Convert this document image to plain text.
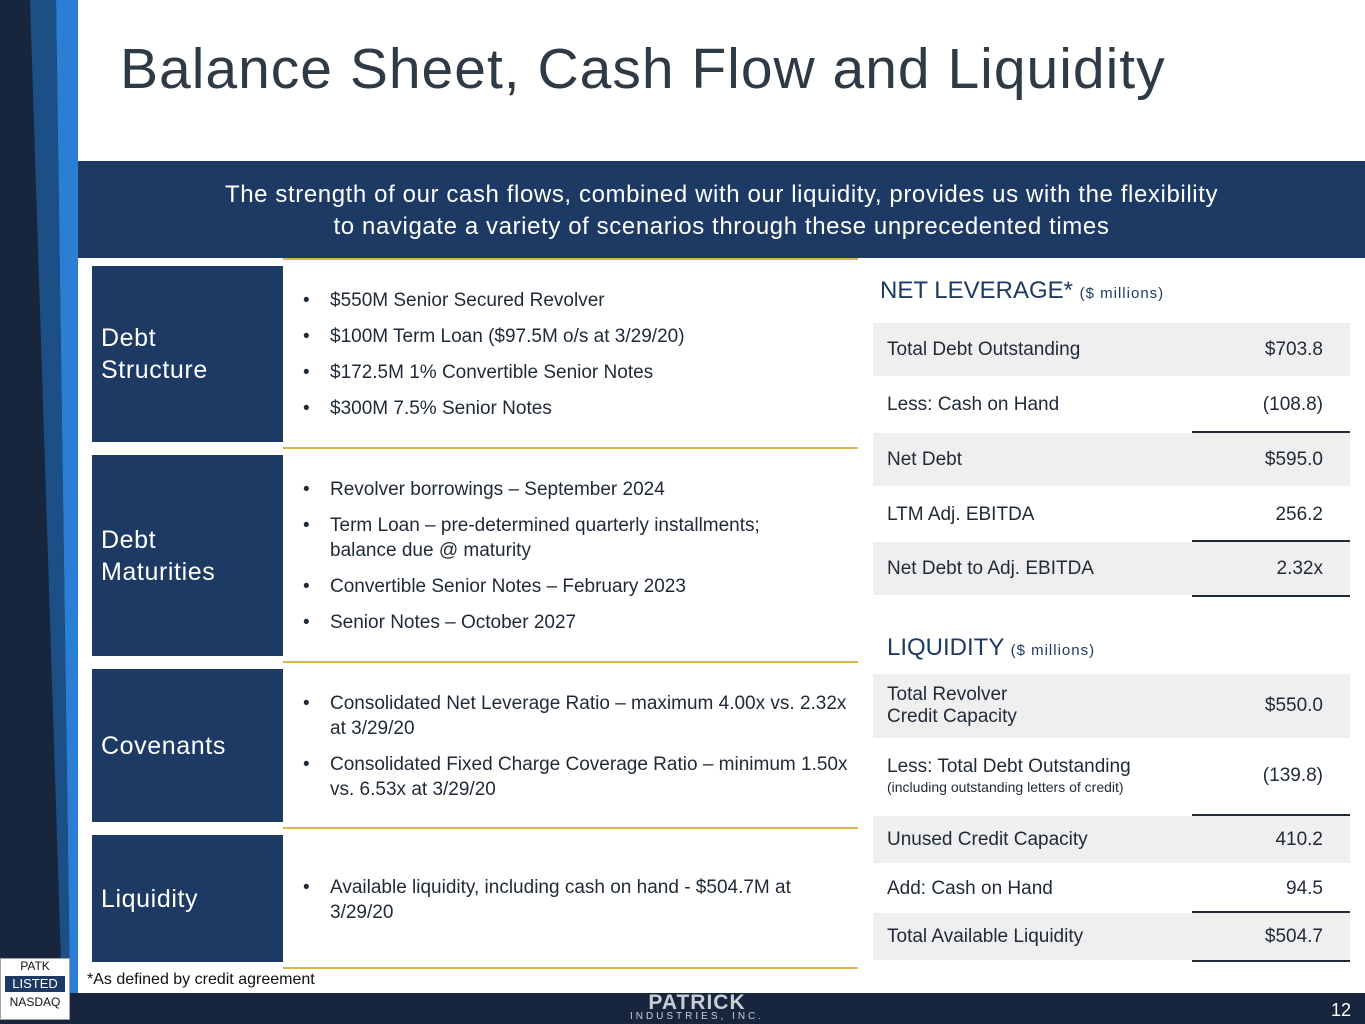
Balance Sheet, Cash Flow and Liquidity
The strength of our cash flows, combined with our liquidity, provides us with the flexibility
to navigate a variety of scenarios through these unprecedented times
Debt
Structure
• $550M Senior Secured Revolver
• $100M Term Loan ($97.5M o/s at 3/29/20)
• $172.5M 1% Convertible Senior Notes
• $300M 7.5% Senior Notes
Debt
Maturities
• Revolver borrowings – September 2024
• Term Loan – pre-determined quarterly installments; balance due @ maturity
• Convertible Senior Notes – February 2023
• Senior Notes – October 2027
Covenants
• Consolidated Net Leverage Ratio – maximum 4.00x vs. 2.32x at 3/29/20
• Consolidated Fixed Charge Coverage Ratio – minimum 1.50x vs. 6.53x at 3/29/20
Liquidity
•	Available liquidity, including cash on hand - $504.7M at 3/29/20
NET LEVERAGE* ($ millions)
Total Debt Outstanding	$703.8
Less: Cash on Hand	(108.8)
Net Debt	$595.0
LTM Adj. EBITDA	256.2
Net Debt to Adj. EBITDA	2.32x
LIQUIDITY ($ millions)
Total Revolver
Credit Capacity
$550.0
Less: Total Debt Outstanding
(including outstanding letters of credit)
(139.8)
Unused Credit Capacity	410.2
Add: Cash on Hand	94.5
Total Available Liquidity	$504.7
*As defined by credit agreement
PATK
LISTED
NASDAQ	PATRICK
INDUSTRIES, INC.	12
